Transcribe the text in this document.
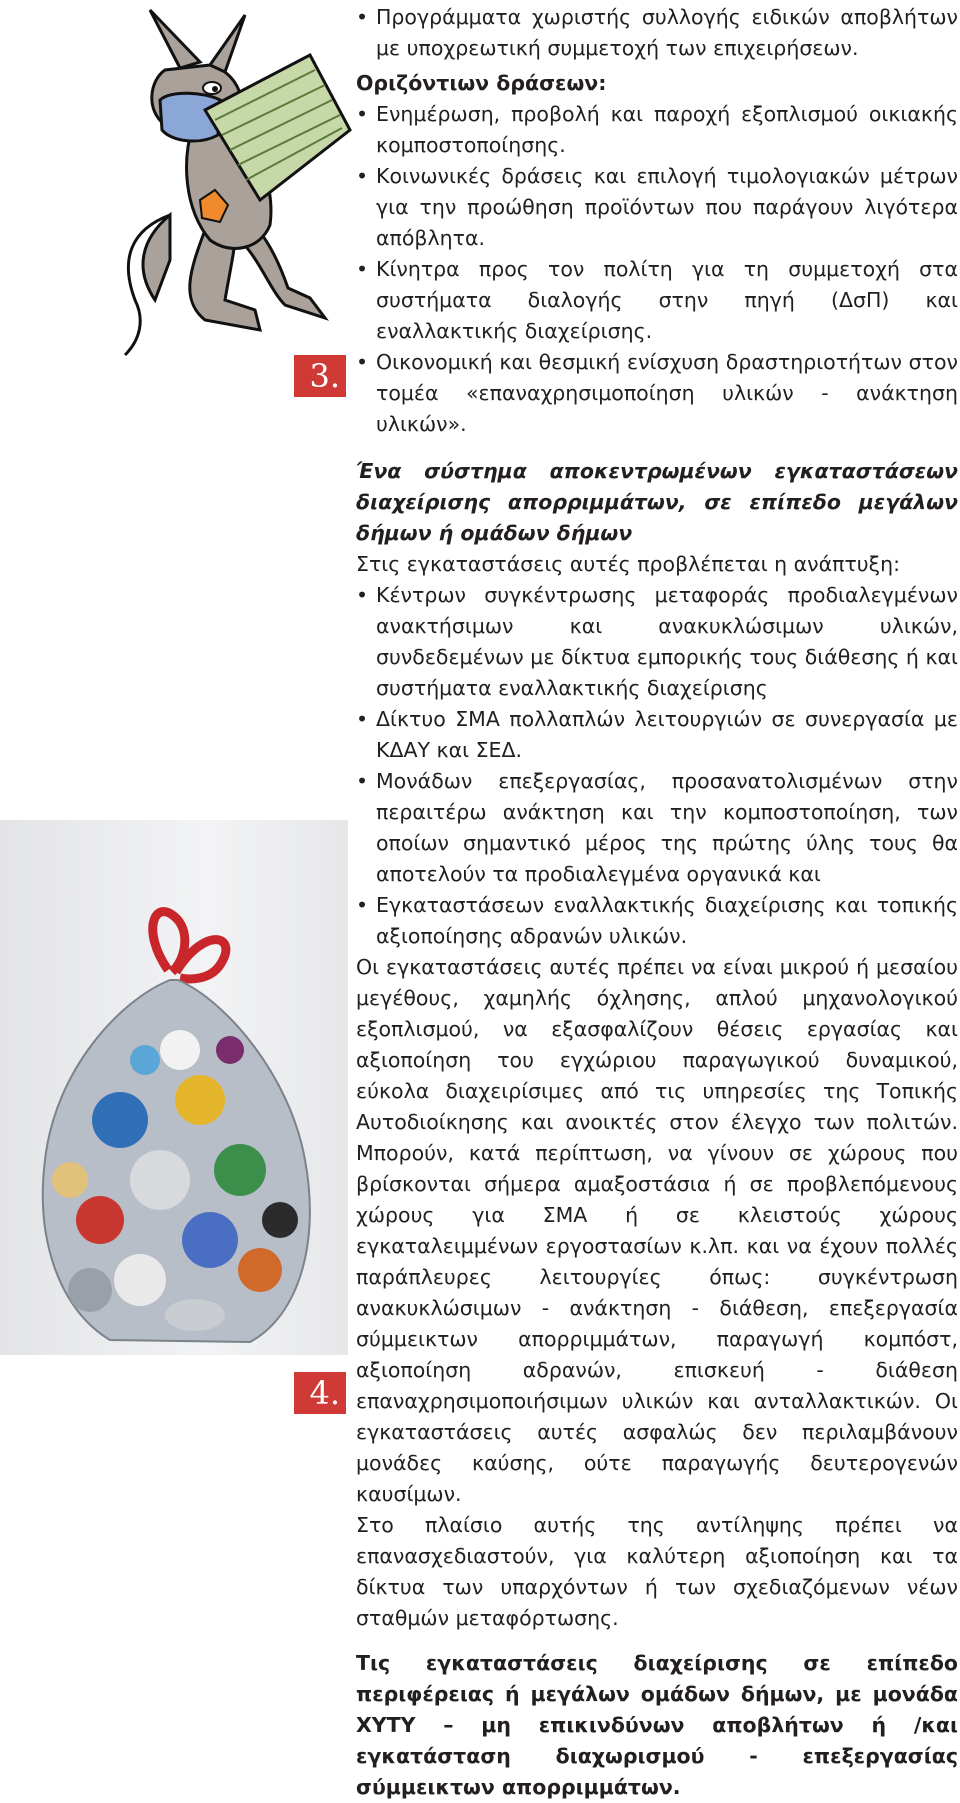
3.
4.

• Προγράμματα χωριστής συλλογής ειδικών αποβλήτων με υποχρεωτική συμμετοχή των επιχειρήσεων.

Οριζόντιων δράσεων:

• Ενημέρωση, προβολή και παροχή εξοπλισμού οικιακής κομποστοποίησης.

• Κοινωνικές δράσεις και επιλογή τιμολογιακών μέτρων για την προώθηση προϊόντων που παράγουν λιγότερα απόβλητα.

• Κίνητρα προς τον πολίτη για τη συμμετοχή στα συστήματα διαλογής στην πηγή (ΔσΠ) και εναλλακτικής διαχείρισης.

• Οικονομική και θεσμική ενίσχυση δραστηριοτήτων στον τομέα «επαναχρησιμοποίηση υλικών - ανάκτηση υλικών».

Ένα σύστημα αποκεντρωμένων εγκαταστάσεων διαχείρισης απορριμμάτων, σε επίπεδο μεγάλων δήμων ή ομάδων δήμων

Στις εγκαταστάσεις αυτές προβλέπεται η ανάπτυξη:

• Κέντρων συγκέντρωσης μεταφοράς προδιαλεγμένων ανακτήσιμων και ανακυκλώσιμων υλικών, συνδεδεμένων με δίκτυα εμπορικής τους διάθεσης ή και συστήματα εναλλακτικής διαχείρισης

• Δίκτυο ΣΜΑ πολλαπλών λειτουργιών σε συνεργασία με ΚΔΑΥ και ΣΕΔ.

• Μονάδων επεξεργασίας, προσανατολισμένων στην περαιτέρω ανάκτηση και την κομποστοποίηση, των οποίων σημαντικό μέρος της πρώτης ύλης τους θα αποτελούν τα προδιαλεγμένα οργανικά και

• Εγκαταστάσεων εναλλακτικής διαχείρισης και τοπικής αξιοποίησης αδρανών υλικών.

Οι εγκαταστάσεις αυτές πρέπει να είναι μικρού ή μεσαίου μεγέθους, χαμηλής όχλησης, απλού μηχανολογικού εξοπλισμού, να εξασφαλίζουν θέσεις εργασίας και αξιοποίηση του εγχώριου παραγωγικού δυναμικού, εύκολα διαχειρίσιμες από τις υπηρεσίες της Τοπικής Αυτοδιοίκησης και ανοικτές στον έλεγχο των πολιτών. Μπορούν, κατά περίπτωση, να γίνουν σε χώρους που βρίσκονται σήμερα αμαξοστάσια ή σε προβλεπόμενους χώρους για ΣΜΑ ή σε κλειστούς χώρους εγκαταλειμμένων εργοστασίων κ.λπ. και να έχουν πολλές παράπλευρες λειτουργίες όπως: συγκέντρωση ανακυκλώσιμων - ανάκτηση - διάθεση, επεξεργασία σύμμεικτων απορριμμάτων, παραγωγή κομπόστ, αξιοποίηση αδρανών, επισκευή - διάθεση επαναχρησιμοποιήσιμων υλικών και ανταλλακτικών. Οι εγκαταστάσεις αυτές ασφαλώς δεν περιλαμβάνουν μονάδες καύσης, ούτε παραγωγής δευτερογενών καυσίμων.

Στο πλαίσιο αυτής της αντίληψης πρέπει να επανασχεδιαστούν, για καλύτερη αξιοποίηση και τα δίκτυα των υπαρχόντων ή των σχεδιαζόμενων νέων σταθμών μεταφόρτωσης.

Τις εγκαταστάσεις διαχείρισης σε επίπεδο περιφέρειας ή μεγάλων ομάδων δήμων, με μονάδα ΧΥΤΥ – μη επικινδύνων αποβλήτων ή /και εγκατάσταση διαχωρισμού - επεξεργασίας σύμμεικτων απορριμμάτων.
